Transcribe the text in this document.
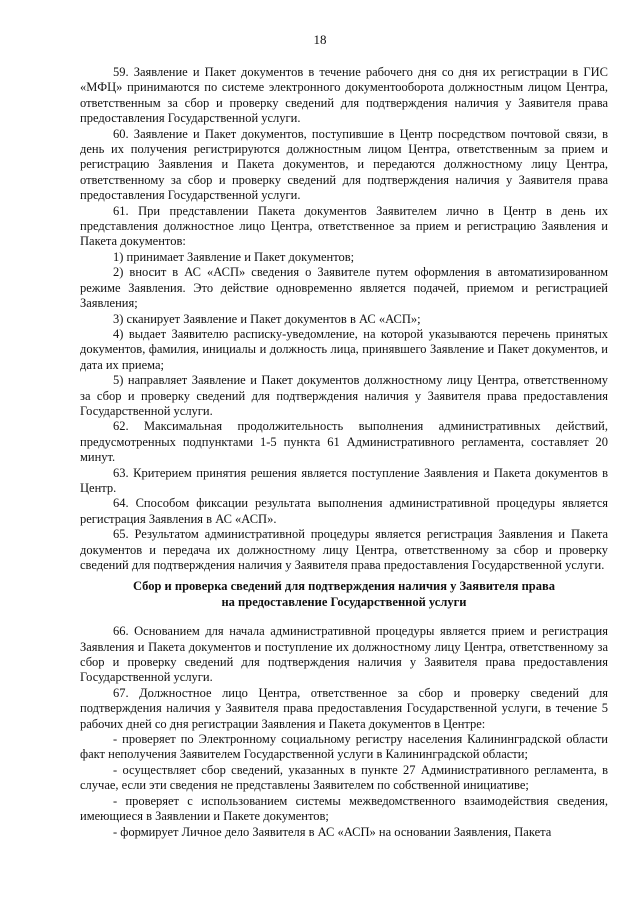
18

59. Заявление и Пакет документов в течение рабочего дня со дня их регистрации в ГИС «МФЦ» принимаются по системе электронного документооборота должностным лицом Центра, ответственным за сбор и проверку сведений для подтверждения наличия у Заявителя права предоставления Государственной услуги.

60. Заявление и Пакет документов, поступившие в Центр посредством почтовой связи, в день их получения регистрируются должностным лицом Центра, ответственным за прием и регистрацию Заявления и Пакета документов, и передаются должностному лицу Центра, ответственному за сбор и проверку сведений для подтверждения наличия у Заявителя права предоставления Государственной услуги.

61. При представлении Пакета документов Заявителем лично в Центр в день их представления должностное лицо Центра, ответственное за прием и регистрацию Заявления и Пакета документов:

1) принимает Заявление и Пакет документов;

2) вносит в АС «АСП» сведения о Заявителе путем оформления в автоматизированном режиме Заявления. Это действие одновременно является подачей, приемом и регистрацией Заявления;

3) сканирует Заявление и Пакет документов в АС «АСП»;

4) выдает Заявителю расписку-уведомление, на которой указываются перечень принятых документов, фамилия, инициалы и должность лица, принявшего Заявление и Пакет документов, и дата их приема;

5) направляет Заявление и Пакет документов должностному лицу Центра, ответственному за сбор и проверку сведений для подтверждения наличия у Заявителя права предоставления Государственной услуги.

62. Максимальная продолжительность выполнения административных действий, предусмотренных подпунктами 1-5 пункта 61 Административного регламента, составляет 20 минут.

63. Критерием принятия решения является поступление Заявления и Пакета документов в Центр.

64. Способом фиксации результата выполнения административной процедуры является регистрация Заявления в АС «АСП».

65. Результатом административной процедуры является регистрация Заявления и Пакета документов и передача их должностному лицу Центра, ответственному за сбор и проверку сведений для подтверждения наличия у Заявителя права предоставления Государственной услуги.

Сбор и проверка сведений для подтверждения наличия у Заявителя права
на предоставление Государственной услуги

66. Основанием для начала административной процедуры является прием и регистрация Заявления и Пакета документов и поступление их должностному лицу Центра, ответственному за сбор и проверку сведений для подтверждения наличия у Заявителя права предоставления Государственной услуги.

67. Должностное лицо Центра, ответственное за сбор и проверку сведений для подтверждения наличия у Заявителя права предоставления Государственной услуги, в течение 5 рабочих дней со дня регистрации Заявления и Пакета документов в Центре:

- проверяет по Электронному социальному регистру населения Калининградской области факт неполучения Заявителем Государственной услуги в Калининградской области;

- осуществляет сбор сведений, указанных в пункте 27 Административного регламента, в случае, если эти сведения не представлены Заявителем по собственной инициативе;

- проверяет с использованием системы межведомственного взаимодействия сведения, имеющиеся в Заявлении и Пакете документов;

- формирует Личное дело Заявителя в АС «АСП» на основании Заявления, Пакета
